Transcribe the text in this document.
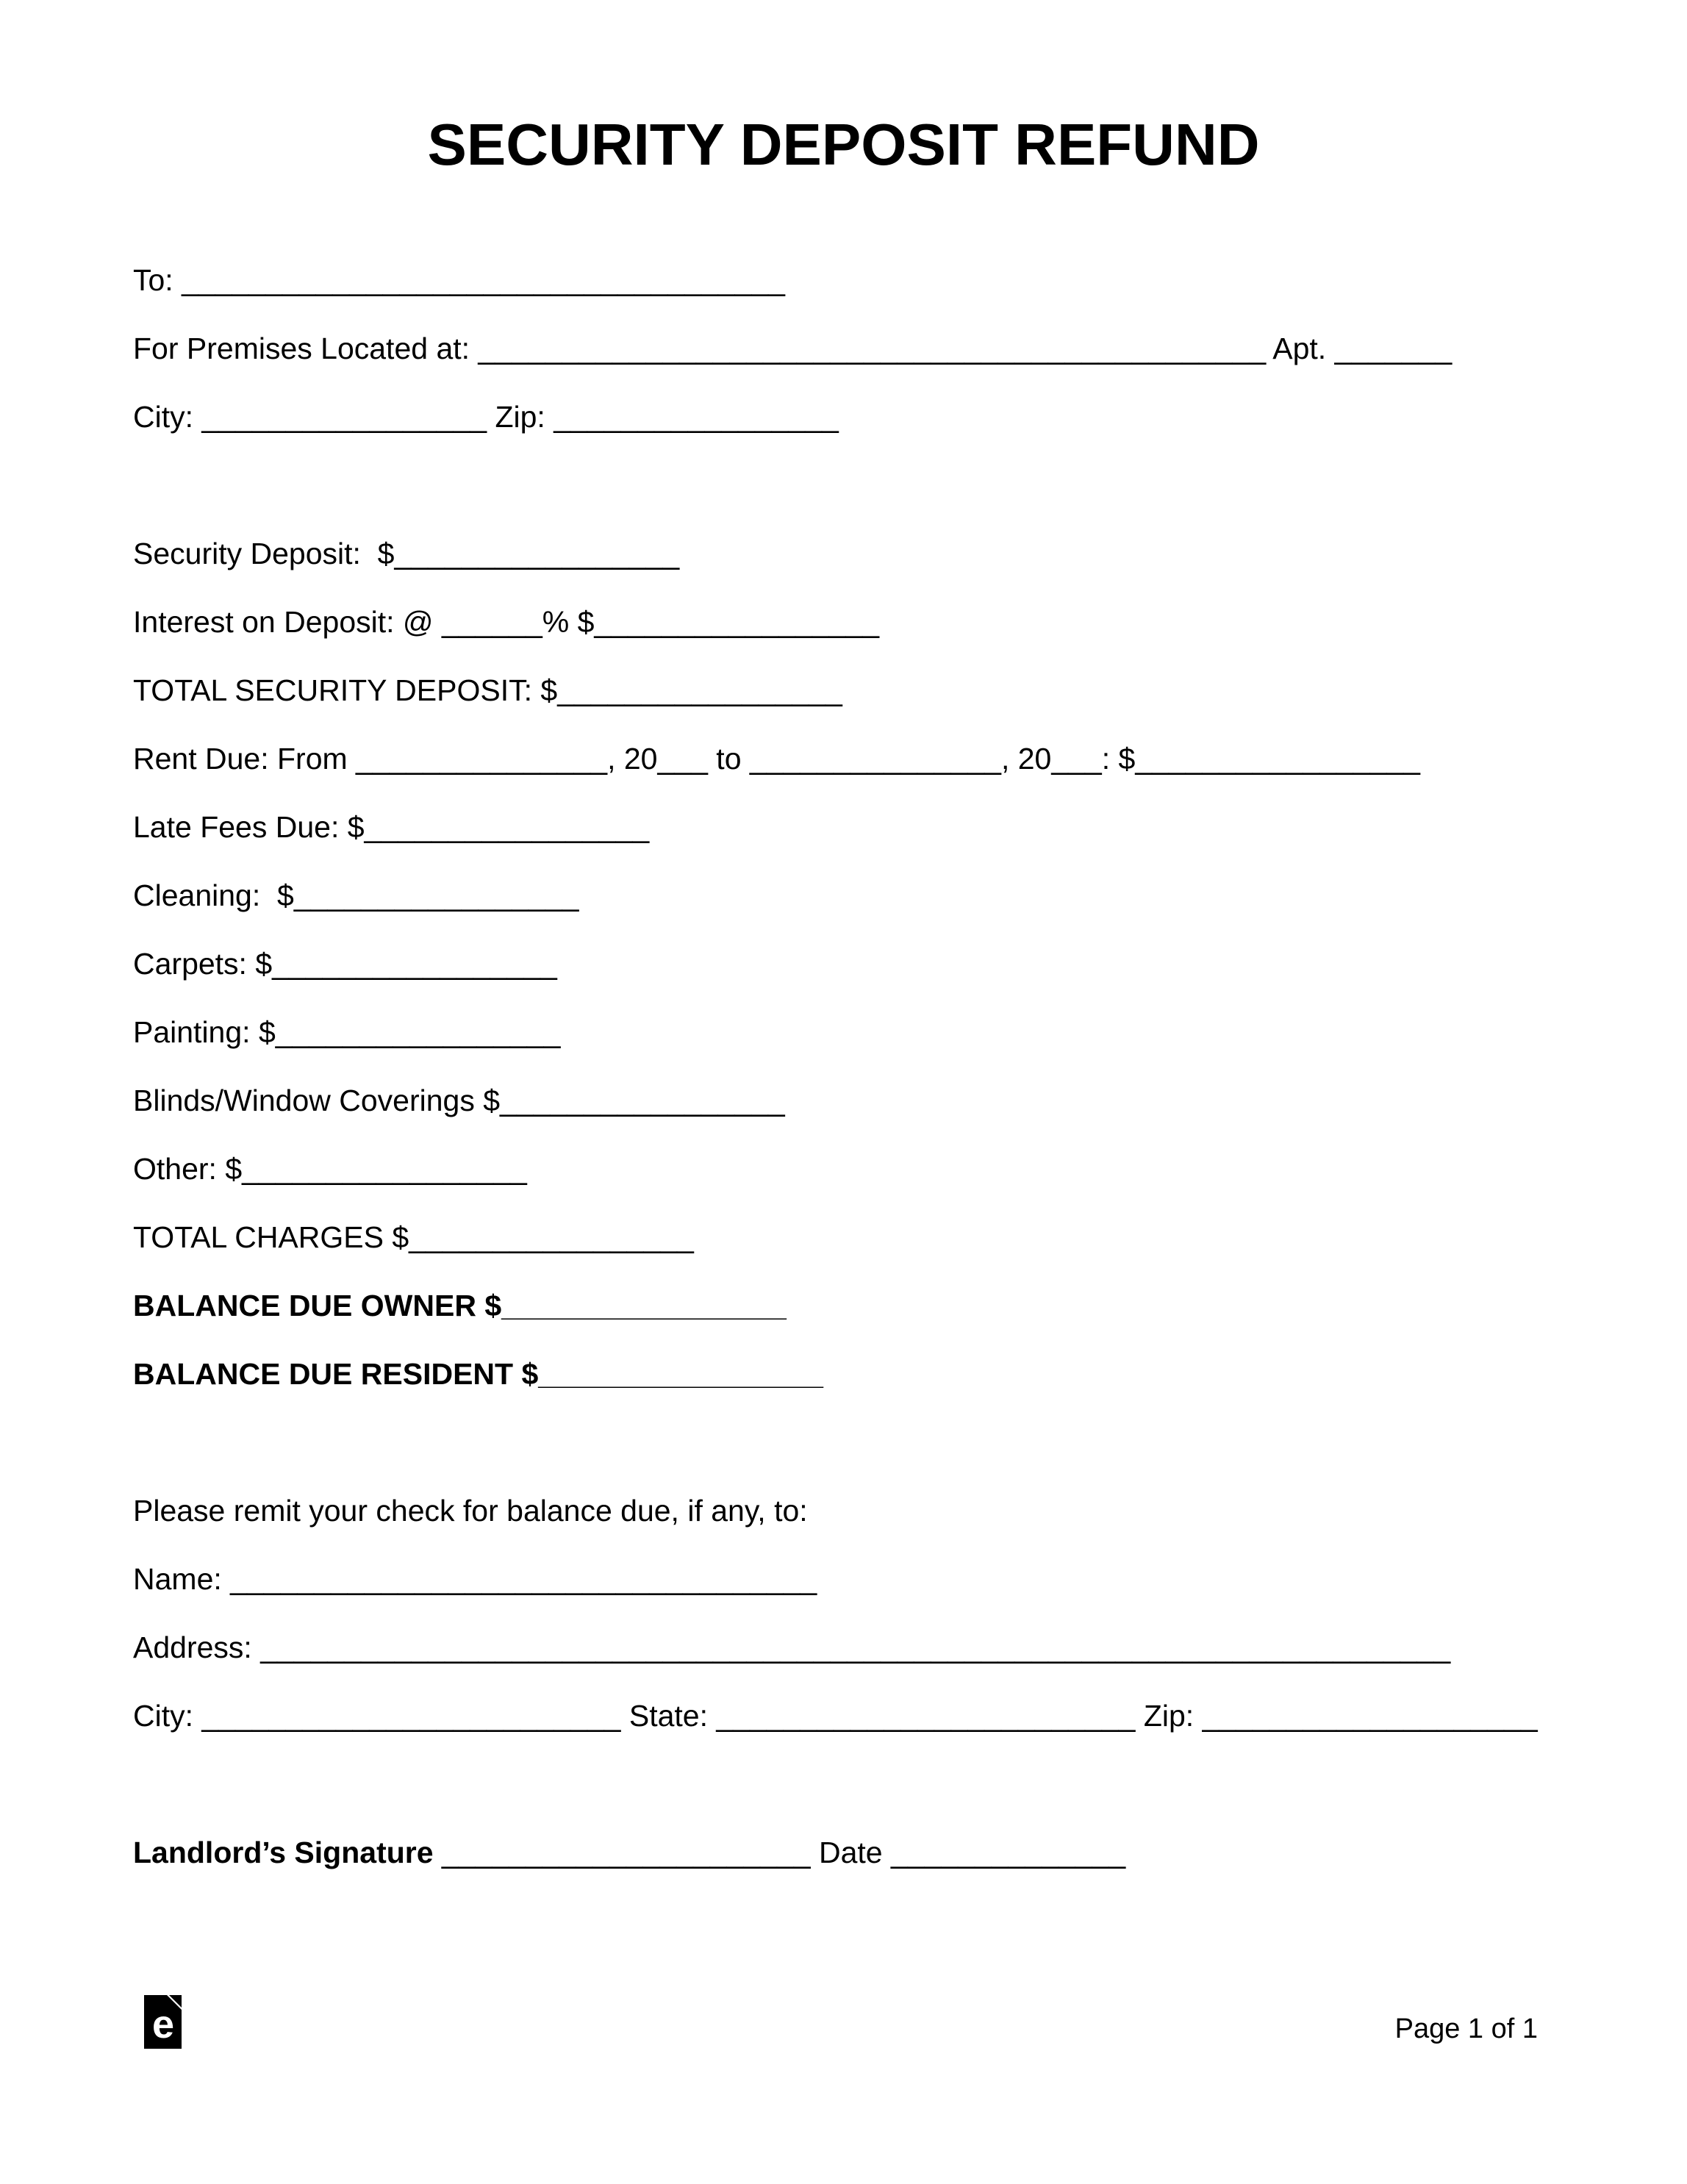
SECURITY DEPOSIT REFUND

To: ____________________________________

For Premises Located at: _______________________________________________ Apt. _______

City: _________________ Zip: _________________

Security Deposit:  $_________________

Interest on Deposit: @ ______% $_________________

TOTAL SECURITY DEPOSIT: $_________________

Rent Due: From _______________, 20___ to _______________, 20___: $_________________

Late Fees Due: $_________________

Cleaning:  $_________________

Carpets: $_________________

Painting: $_________________

Blinds/Window Coverings $_________________

Other: $_________________

TOTAL CHARGES $_________________

BALANCE DUE OWNER $_________________

BALANCE DUE RESIDENT $_________________

Please remit your check for balance due, if any, to:

Name: ___________________________________

Address: _______________________________________________________________________

City: _________________________ State: _________________________ Zip: ____________________

Landlord’s Signature ______________________ Date ______________

e	Page 1 of 1
